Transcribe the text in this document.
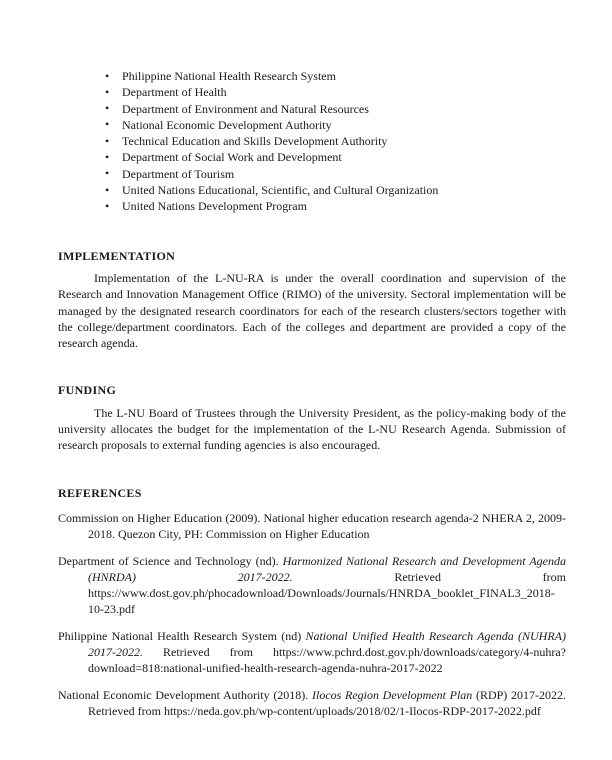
• Philippine National Health Research System
• Department of Health
• Department of Environment and Natural Resources
• National Economic Development Authority
• Technical Education and Skills Development Authority
• Department of Social Work and Development
• Department of Tourism
• United Nations Educational, Scientific, and Cultural Organization
• United Nations Development Program
IMPLEMENTATION

Implementation of the L-NU-RA is under the overall coordination and supervision of the Research and Innovation Management Office (RIMO) of the university. Sectoral implementation will be managed by the designated research coordinators for each of the research clusters/sectors together with the college/department coordinators. Each of the colleges and department are provided a copy of the research agenda.

FUNDING

The L-NU Board of Trustees through the University President, as the policy-making body of the university allocates the budget for the implementation of the L-NU Research Agenda. Submission of research proposals to external funding agencies is also encouraged.

REFERENCES

Commission on Higher Education (2009). National higher education research agenda-2 NHERA 2, 2009-2018. Quezon City, PH: Commission on Higher Education

Department of Science and Technology (nd). Harmonized National Research and Development Agenda (HNRDA) 2017-2022. Retrieved from https://www.dost.gov.ph/phocadownload/Downloads/Journals/HNRDA_booklet_FINAL3_2018-10-23.pdf

Philippine National Health Research System (nd) National Unified Health Research Agenda (NUHRA) 2017-2022. Retrieved from https://www.pchrd.dost.gov.ph/downloads/category/4-nuhra?download=818:national-unified-health-research-agenda-nuhra-2017-2022

National Economic Development Authority (2018). Ilocos Region Development Plan (RDP) 2017-2022. Retrieved from https://neda.gov.ph/wp-content/uploads/2018/02/1-Ilocos-RDP-2017-2022.pdf
